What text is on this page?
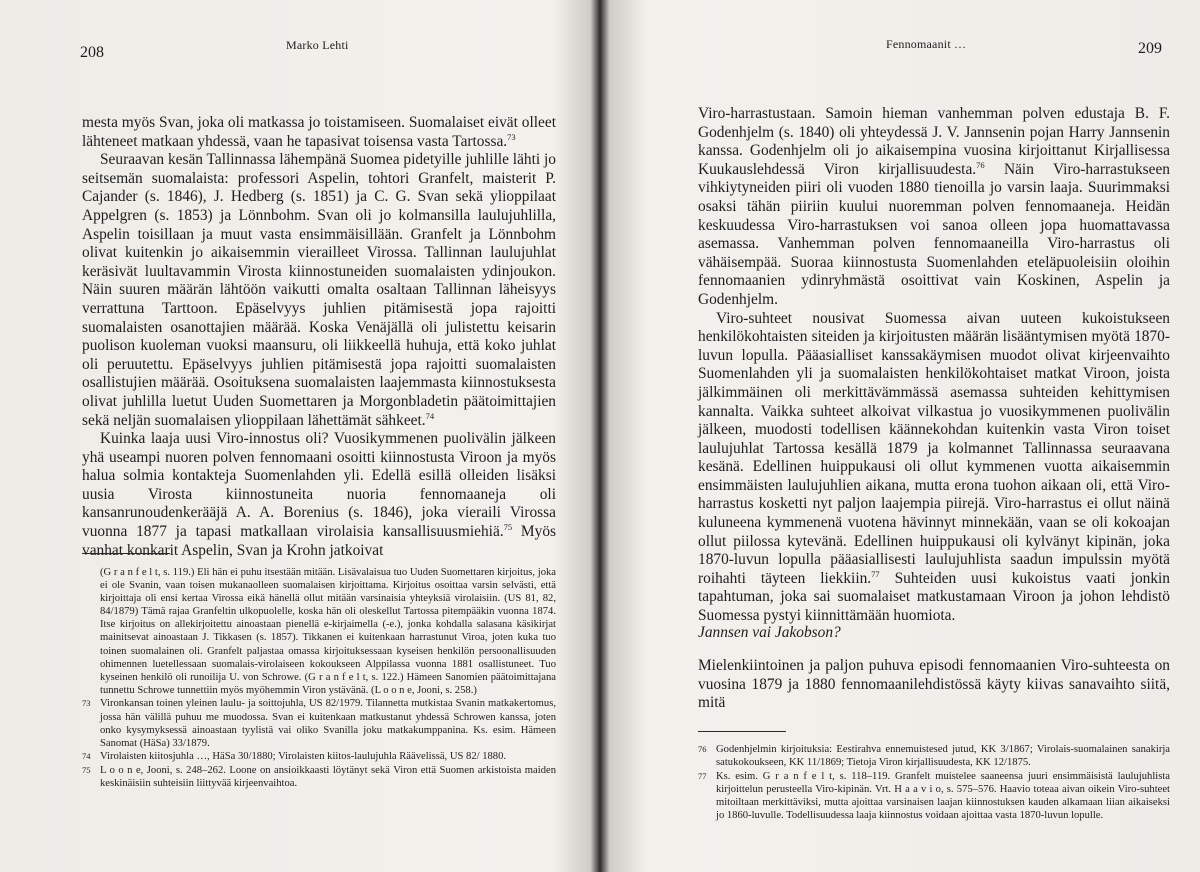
208	Marko Lehti

mesta myös Svan, joka oli matkassa jo toistamiseen. Suomalaiset eivät olleet lähteneet matkaan yhdessä, vaan he tapasivat toisensa vasta Tartossa.$^{73}$

Seuraavan kesän Tallinnassa lähempänä Suomea pidetyille juhlille lähti jo seitsemän suomalaista: professori Aspelin, tohtori Granfelt, maisterit P. Cajander (s. 1846), J. Hedberg (s. 1851) ja C. G. Svan sekä ylioppilaat Appelgren (s. 1853) ja Lönnbohm. Svan oli jo kolmansilla laulujuhlilla, Aspelin toisillaan ja muut vasta ensimmäisillään. Granfelt ja Lönnbohm olivat kuitenkin jo aikaisemmin vierailleet Virossa. Tallinnan laulujuhlat keräsivät luultavammin Virosta kiinnostuneiden suomalaisten ydinjoukon. Näin suuren määrän lähtöön vaikutti omalta osaltaan Tallinnan läheisyys verrattuna Tarttoon. Epäselvyys juhlien pitämisestä jopa rajoitti suomalaisten osanottajien määrää. Koska Venäjällä oli julistettu keisarin puolison kuoleman vuoksi maansuru, oli liikkeellä huhuja, että koko juhlat oli peruutettu. Epäselvyys juhlien pitämisestä jopa rajoitti suomalaisten osallistujien määrää. Osoituksena suomalaisten laajemmasta kiinnostuksesta olivat juhlilla luetut Uuden Suomettaren ja Morgonbladetin päätoimittajien sekä neljän suomalaisen ylioppilaan lähettämät sähkeet.$^{74}$

Kuinka laaja uusi Viro-innostus oli? Vuosikymmenen puolivälin jälkeen yhä useampi nuoren polven fennomaani osoitti kiinnostusta Viroon ja myös halua solmia kontakteja Suomenlahden yli. Edellä esillä olleiden lisäksi uusia Virosta kiinnostuneita nuoria fennomaaneja oli kansanrunoudenkerääjä A. A. Borenius (s. 1846), joka vieraili Virossa vuonna 1877 ja tapasi matkallaan virolaisia kansallisuusmiehiä.$^{75}$ Myös vanhat konkarit Aspelin, Svan ja Krohn jatkoivat

(G r a n f e l t, s. 119.) Eli hän ei puhu itsestään mitään. Lisävalaisua tuo Uuden Suomettaren kirjoitus, joka ei ole Svanin, vaan toisen mukanaolleen suomalaisen kirjoittama. Kirjoitus osoittaa varsin selvästi, että kirjoittaja oli ensi kertaa Virossa eikä hänellä ollut mitään varsinaisia yhteyksiä virolaisiin. (US 81, 82, 84/1879) Tämä rajaa Granfeltin ulkopuolelle, koska hän oli oleskellut Tartossa pitempääkin vuonna 1874. Itse kirjoitus on allekirjoitettu ainoastaan pienellä e-kirjaimella (-e.), jonka kohdalla salasana käsikirjat mainitsevat ainoastaan J. Tikkasen (s. 1857). Tikkanen ei kuitenkaan harrastunut Viroa, joten kuka tuo toinen suomalainen oli. Granfelt paljastaa omassa kirjoituksessaan kyseisen henkilön persoonallisuuden ohimennen luetellessaan suomalais-virolaiseen kokoukseen Alppilassa vuonna 1881 osallistuneet. Tuo kyseinen henkilö oli runoilija U. von Schrowe. (G r a n f e l t, s. 122.) Hämeen Sanomien päätoimittajana tunnettu Schrowe tunnettiin myös myöhemmin Viron ystävänä. (L o o n e, Jooni, s. 258.)
73 Vironkansan toinen yleinen laulu- ja soittojuhla, US 82/1979. Tilannetta mutkistaa Svanin matkakertomus, jossa hän välillä puhuu me muodossa. Svan ei kuitenkaan matkustanut yhdessä Schrowen kanssa, joten onko kysymyksessä ainoastaan tyylistä vai oliko Svanilla joku matkakumppanina. Ks. esim. Hämeen Sanomat (HäSa) 33/1879.
74 Virolaisten kiitosjuhla …, HäSa 30/1880; Virolaisten kiitos-laulujuhla Räävelissä, US 82/ 1880.
75 L o o n e, Jooni, s. 248–262. Loone on ansioikkaasti löytänyt sekä Viron että Suomen arkistoista maiden keskinäisiin suhteisiin liittyvää kirjeenvaihtoa.
Fennomaanit …	209

Viro-harrastustaan. Samoin hieman vanhemman polven edustaja B. F. Godenhjelm (s. 1840) oli yhteydessä J. V. Jannsenin pojan Harry Jannsenin kanssa. Godenhjelm oli jo aikaisempina vuosina kirjoittanut Kirjallisessa Kuukauslehdessä Viron kirjallisuudesta.$^{76}$ Näin Viro-harrastukseen vihkiytyneiden piiri oli vuoden 1880 tienoilla jo varsin laaja. Suurimmaksi osaksi tähän piiriin kuului nuoremman polven fennomaaneja. Heidän keskuudessa Viro-harrastuksen voi sanoa olleen jopa huomattavassa asemassa. Vanhemman polven fennomaaneilla Viro-harrastus oli vähäisempää. Suoraa kiinnostusta Suomenlahden eteläpuoleisiin oloihin fennomaanien ydinryhmästä osoittivat vain Koskinen, Aspelin ja Godenhjelm.

Viro-suhteet nousivat Suomessa aivan uuteen kukoistukseen henkilökohtaisten siteiden ja kirjoitusten määrän lisääntymisen myötä 1870-luvun lopulla. Pääasialliset kanssakäymisen muodot olivat kirjeenvaihto Suomenlahden yli ja suomalaisten henkilökohtaiset matkat Viroon, joista jälkimmäinen oli merkittävämmässä asemassa suhteiden kehittymisen kannalta. Vaikka suhteet alkoivat vilkastua jo vuosikymmenen puolivälin jälkeen, muodosti todellisen käännekohdan kuitenkin vasta Viron toiset laulujuhlat Tartossa kesällä 1879 ja kolmannet Tallinnassa seuraavana kesänä. Edellinen huippukausi oli ollut kymmenen vuotta aikaisemmin ensimmäisten laulujuhlien aikana, mutta erona tuohon aikaan oli, että Viro-harrastus kosketti nyt paljon laajempia piirejä. Viro-harrastus ei ollut näinä kuluneena kymmenenä vuotena hävinnyt minnekään, vaan se oli kokoajan ollut piilossa kytevänä. Edellinen huippukausi oli kylvänyt kipinän, joka 1870-luvun lopulla pääasiallisesti laulujuhlista saadun impulssin myötä roihahti täyteen liekkiin.$^{77}$ Suhteiden uusi kukoistus vaati jonkin tapahtuman, joka sai suomalaiset matkustamaan Viroon ja johon lehdistö Suomessa pystyi kiinnittämään huomiota.

Jannsen vai Jakobson?

Mielenkiintoinen ja paljon puhuva episodi fennomaanien Viro-suhteesta on vuosina 1879 ja 1880 fennomaanilehdistössä käyty kiivas sanavaihto siitä, mitä

76 Godenhjelmin kirjoituksia: Eestirahva ennemuistesed jutud, KK 3/1867; Virolais-suomalainen sanakirja satukokoukseen, KK 11/1869; Tietoja Viron kirjallisuudesta, KK 12/1875.
77 Ks. esim. G r a n f e l t, s. 118–119. Granfelt muistelee saaneensa juuri ensimmäisistä laulujuhlista kirjoittelun perusteella Viro-kipinän. Vrt. H a a v i o, s. 575–576. Haavio toteaa aivan oikein Viro-suhteet mitoiltaan merkittäviksi, mutta ajoittaa varsinaisen laajan kiinnostuksen kauden alkamaan liian aikaiseksi jo 1860-luvulle. Todellisuudessa laaja kiinnostus voidaan ajoittaa vasta 1870-luvun lopulle.
